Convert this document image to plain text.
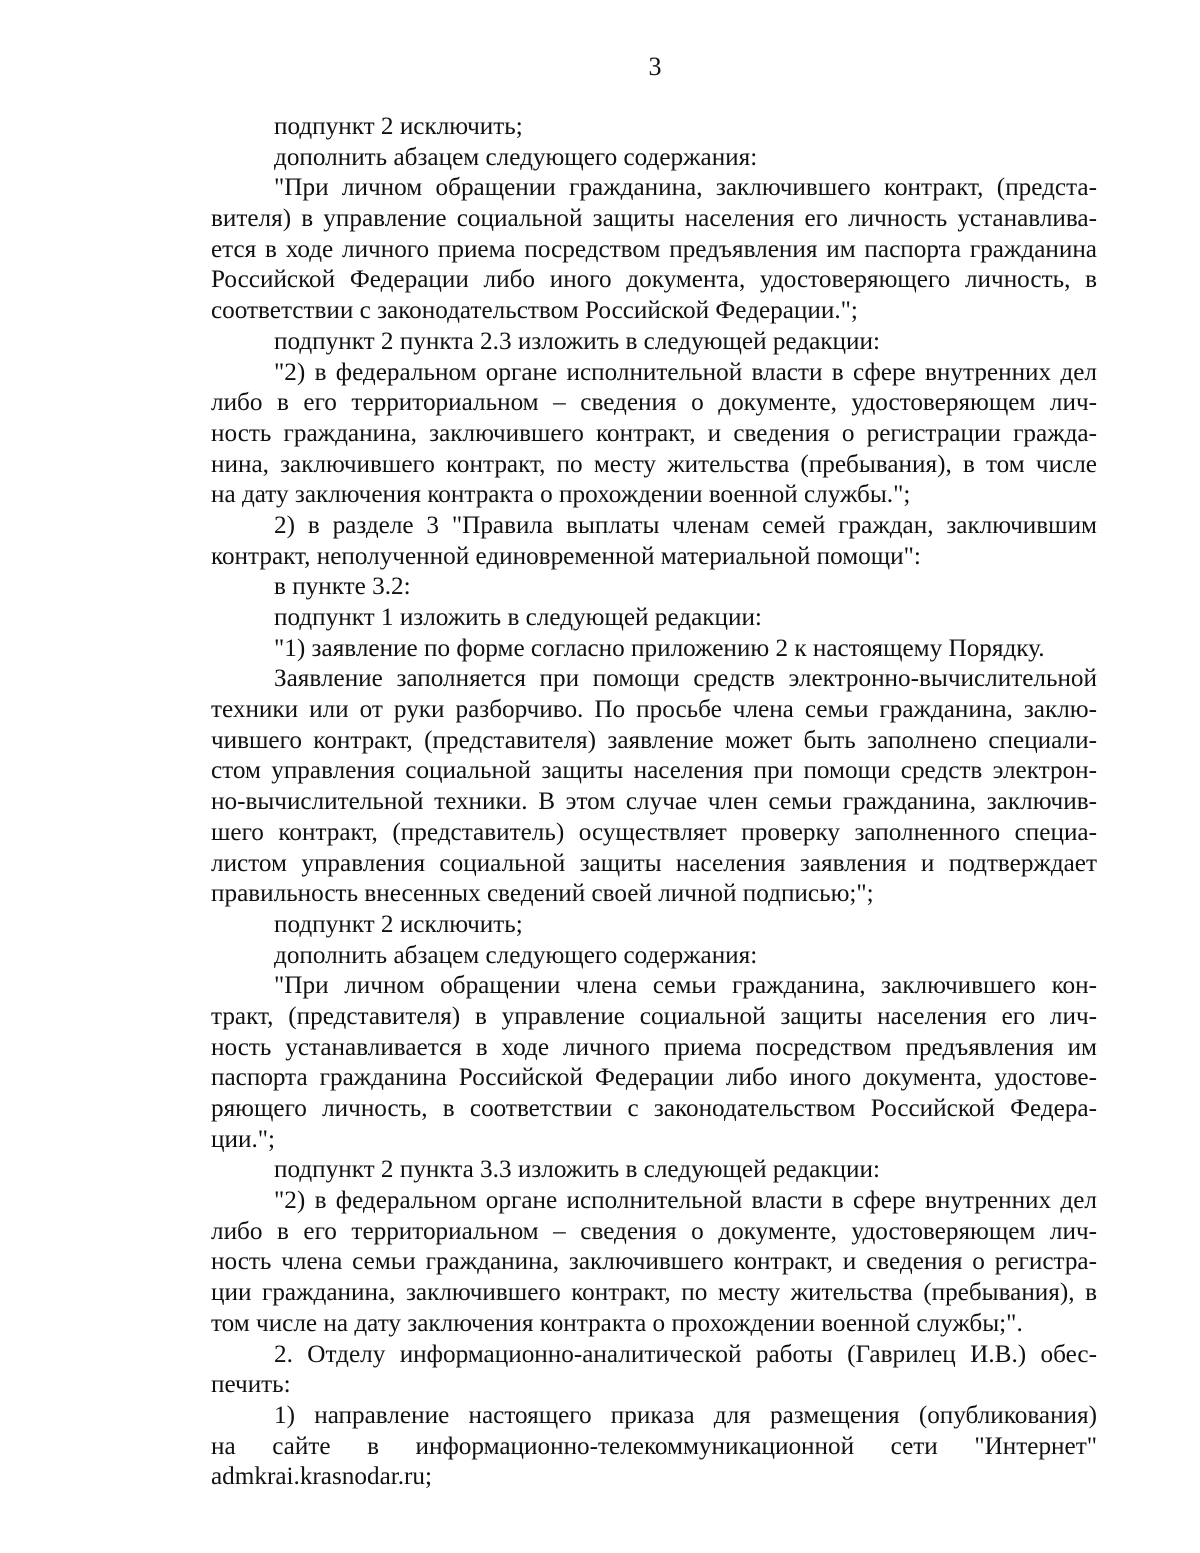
3
подпункт 2 исключить;
дополнить абзацем следующего содержания:
"При личном обращении гражданина, заключившего контракт, (предста-
вителя) в управление социальной защиты населения его личность устанавлива-
ется в ходе личного приема посредством предъявления им паспорта гражданина
Российской Федерации либо иного документа, удостоверяющего личность, в
соответствии с законодательством Российской Федерации.";
подпункт 2 пункта 2.3 изложить в следующей редакции:
"2) в федеральном органе исполнительной власти в сфере внутренних дел
либо в его территориальном – сведения о документе, удостоверяющем лич-
ность гражданина, заключившего контракт, и сведения о регистрации гражда-
нина, заключившего контракт, по месту жительства (пребывания), в том числе
на дату заключения контракта о прохождении военной службы.";
2) в разделе 3 "Правила выплаты членам семей граждан, заключившим
контракт, неполученной единовременной материальной помощи":
в пункте 3.2:
подпункт 1 изложить в следующей редакции:
"1) заявление по форме согласно приложению 2 к настоящему Порядку.
Заявление заполняется при помощи средств электронно-вычислительной
техники или от руки разборчиво. По просьбе члена семьи гражданина, заклю-
чившего контракт, (представителя) заявление может быть заполнено специали-
стом управления социальной защиты населения при помощи средств электрон-
но-вычислительной техники. В этом случае член семьи гражданина, заключив-
шего контракт, (представитель) осуществляет проверку заполненного специа-
листом управления социальной защиты населения заявления и подтверждает
правильность внесенных сведений своей личной подписью;";
подпункт 2 исключить;
дополнить абзацем следующего содержания:
"При личном обращении члена семьи гражданина, заключившего кон-
тракт, (представителя) в управление социальной защиты населения его лич-
ность устанавливается в ходе личного приема посредством предъявления им
паспорта гражданина Российской Федерации либо иного документа, удостове-
ряющего личность, в соответствии с законодательством Российской Федера-
ции.";
подпункт 2 пункта 3.3 изложить в следующей редакции:
"2) в федеральном органе исполнительной власти в сфере внутренних дел
либо в его территориальном – сведения о документе, удостоверяющем лич-
ность члена семьи гражданина, заключившего контракт, и сведения о регистра-
ции гражданина, заключившего контракт, по месту жительства (пребывания), в
том числе на дату заключения контракта о прохождении военной службы;".
2. Отделу информационно-аналитической работы (Гаврилец И.В.) обес-
печить:
1) направление настоящего приказа для размещения (опубликования)
на сайте в информационно-телекоммуникационной сети "Интернет"
admkrai.krasnodar.ru;
